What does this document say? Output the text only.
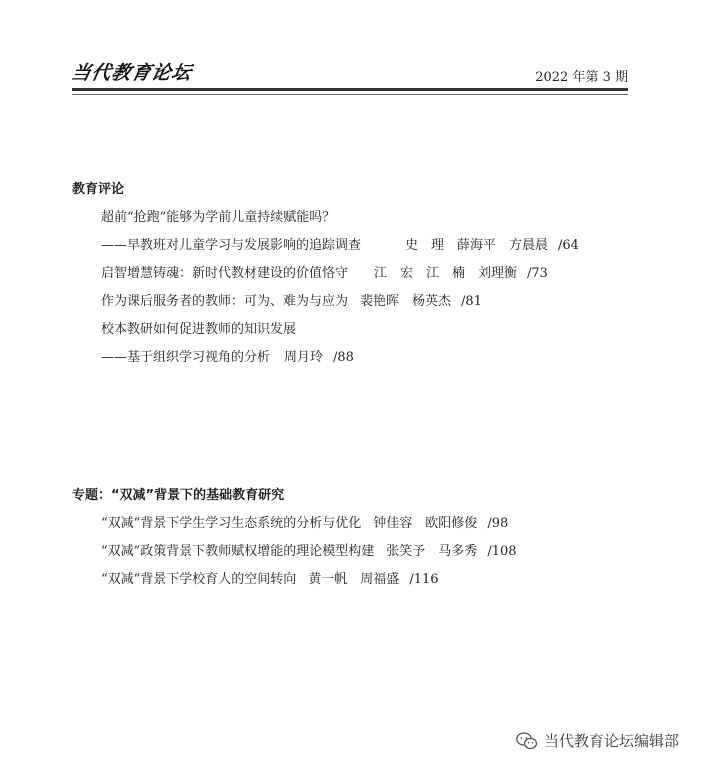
当代教育论坛	2022 年第 3 期
教育评论
超前“抢跑”能够为学前儿童持续赋能吗？
——早教班对儿童学习与发展影响的追踪调查	史　理　薛海平　方晨晨 /64
启智增慧铸魂：新时代教材建设的价值恪守 江　宏　江　楠　刘理衡 /73
作为课后服务者的教师：可为、难为与应为 裴艳晖　杨英杰 /81
校本教研如何促进教师的知识发展
——基于组织学习视角的分析 周月玲 /88
专题：“双减”背景下的基础教育研究
“双减”背景下学生学习生态系统的分析与优化 钟佳容　欧阳修俊 /98
“双减”政策背景下教师赋权增能的理论模型构建 张笑予　马多秀 /108
“双减”背景下学校育人的空间转向 黄一帆　周福盛 /116
当代教育论坛编辑部
